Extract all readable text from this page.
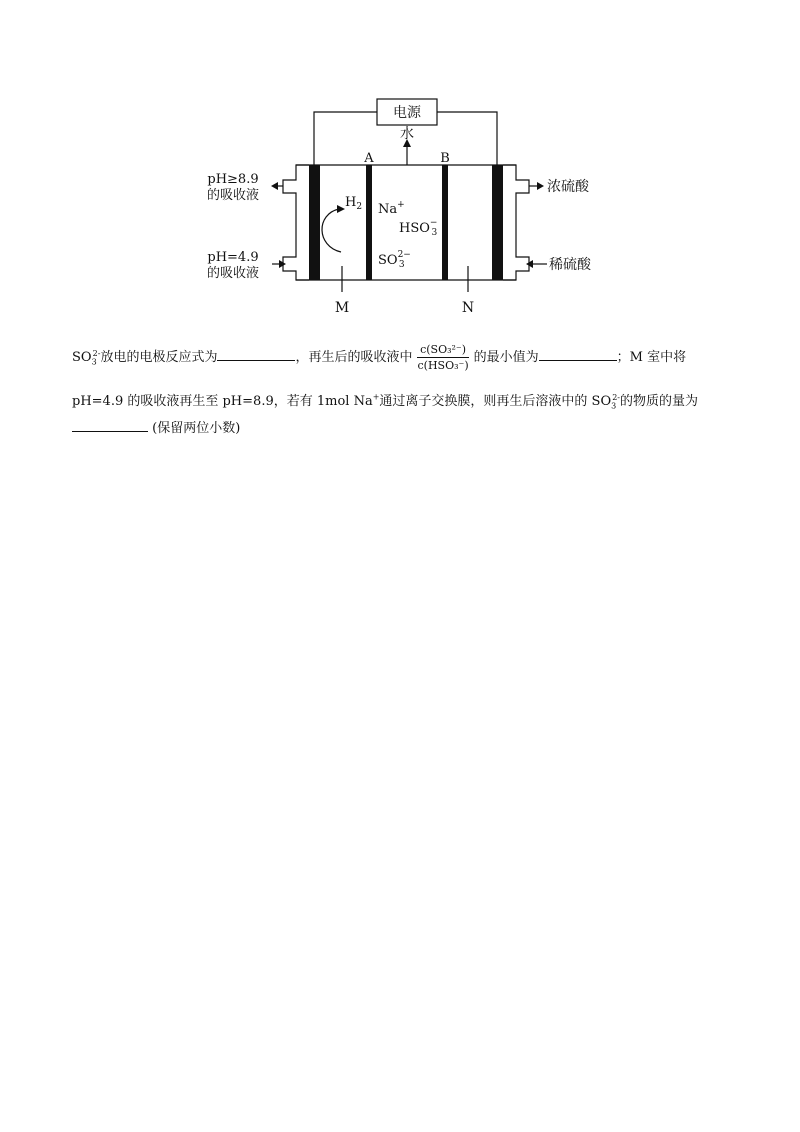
电源
水
A	B
pH≥8.9
的吸收液
pH=4.9
的吸收液
浓硫酸
稀硫酸
$H_2$ Na+
HSO− 3
$SO^{2-}$ 3
M	N
$SO_3^{2-}$放电的电极反应式为	，再生后的吸收液中 $\frac{\text{c(SO₃²⁻)}}{\text{c(HSO₃⁻)}}$ 的最小值为	；M 室中将
pH=4.9 的吸收液再生至 pH=8.9，若有 1mol Na+通过离子交换膜，则再生后溶液中的 $SO_3^{2-}$的物质的量为
(保留两位小数)
